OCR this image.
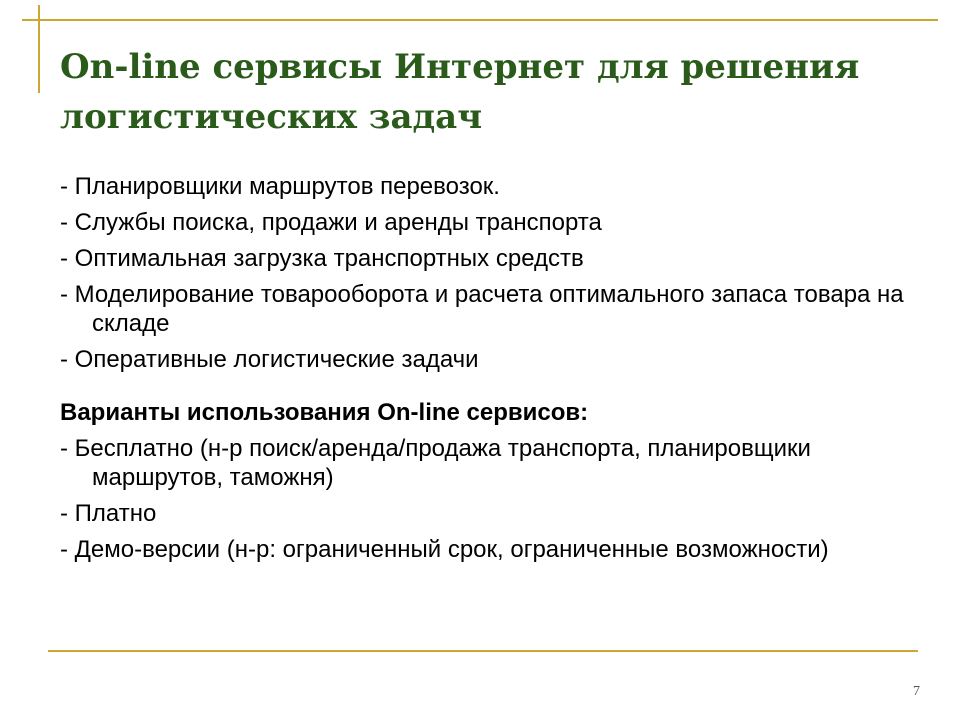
On-line сервисы Интернет для решения логистических задач

- Планировщики маршрутов перевозок.

- Службы поиска, продажи и аренды транспорта

- Оптимальная загрузка транспортных средств

- Моделирование товарооборота и расчета оптимального запаса товара на складе

- Оперативные логистические задачи

Варианты использования On-line сервисов:

- Бесплатно (н-р поиск/аренда/продажа транспорта, планировщики маршрутов, таможня)

- Платно

- Демо-версии (н-р: ограниченный срок, ограниченные возможности)

7
